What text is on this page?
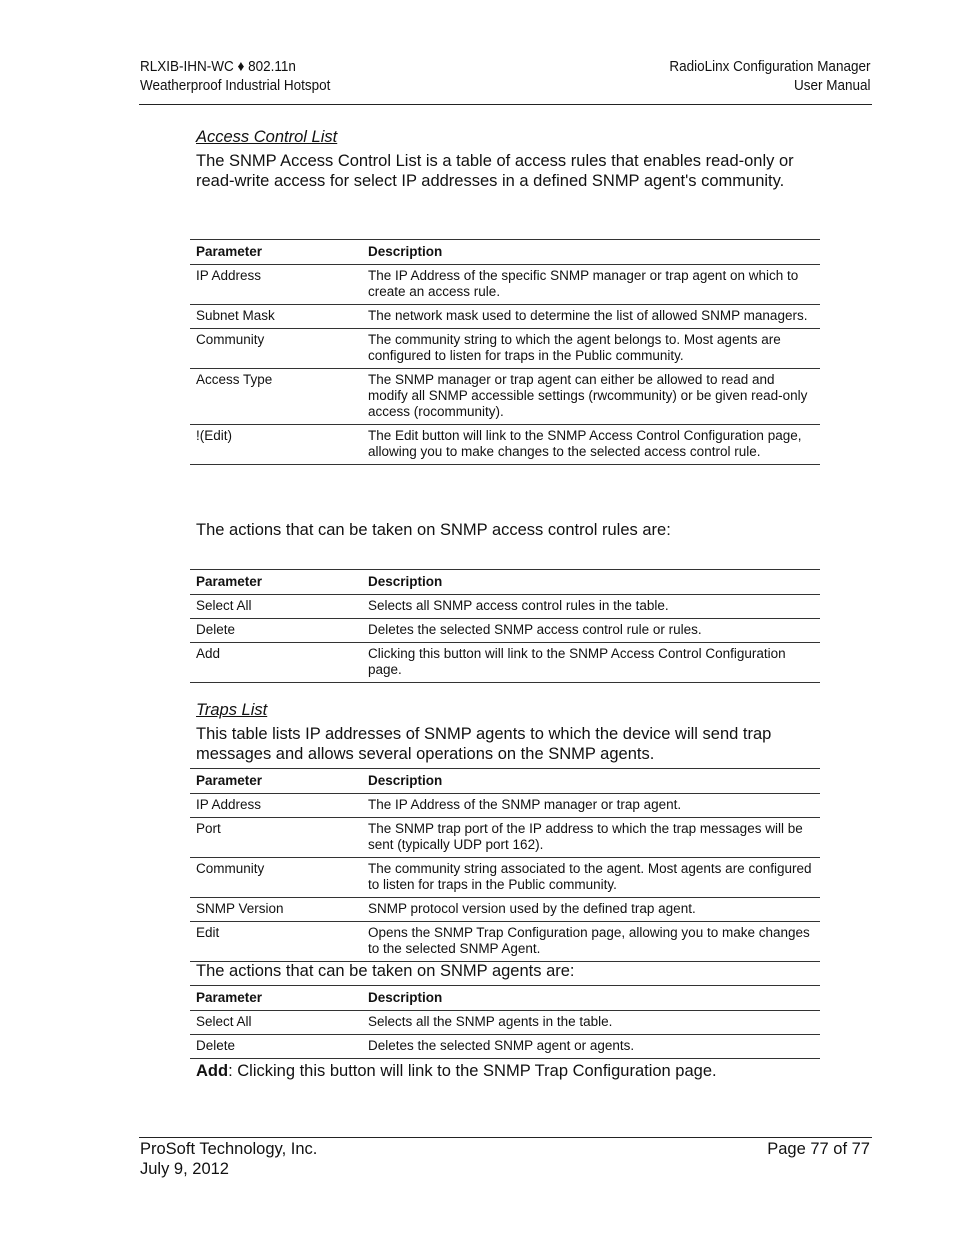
RLXIB-IHN-WC ♦ 802.11n
Weatherproof Industrial Hotspot
RadioLinx Configuration Manager
User Manual
Access Control List
The SNMP Access Control List is a table of access rules that enables read-only or read-write access for select IP addresses in a defined SNMP agent's community.
Parameter	Description
IP Address	The IP Address of the specific SNMP manager or trap agent on which to create an access rule.
Subnet Mask	The network mask used to determine the list of allowed SNMP managers.
Community	The community string to which the agent belongs to. Most agents are configured to listen for traps in the Public community.
Access Type	The SNMP manager or trap agent can either be allowed to read and modify all SNMP accessible settings (rwcommunity) or be given read-only access (rocommunity).
!(Edit)	The Edit button will link to the SNMP Access Control Configuration page, allowing you to make changes to the selected access control rule.
The actions that can be taken on SNMP access control rules are:
Parameter	Description
Select All	Selects all SNMP access control rules in the table.
Delete	Deletes the selected SNMP access control rule or rules.
Add	Clicking this button will link to the SNMP Access Control Configuration page.
Traps List
This table lists IP addresses of SNMP agents to which the device will send trap messages and allows several operations on the SNMP agents.
Parameter	Description
IP Address	The IP Address of the SNMP manager or trap agent.
Port	The SNMP trap port of the IP address to which the trap messages will be sent (typically UDP port 162).
Community	The community string associated to the agent. Most agents are configured to listen for traps in the Public community.
SNMP Version	SNMP protocol version used by the defined trap agent.
Edit	Opens the SNMP Trap Configuration page, allowing you to make changes to the selected SNMP Agent.
The actions that can be taken on SNMP agents are:
Parameter	Description
Select All	Selects all the SNMP agents in the table.
Delete	Deletes the selected SNMP agent or agents.
Add: Clicking this button will link to the SNMP Trap Configuration page.
ProSoft Technology, Inc.
July 9, 2012
Page 77 of 77
